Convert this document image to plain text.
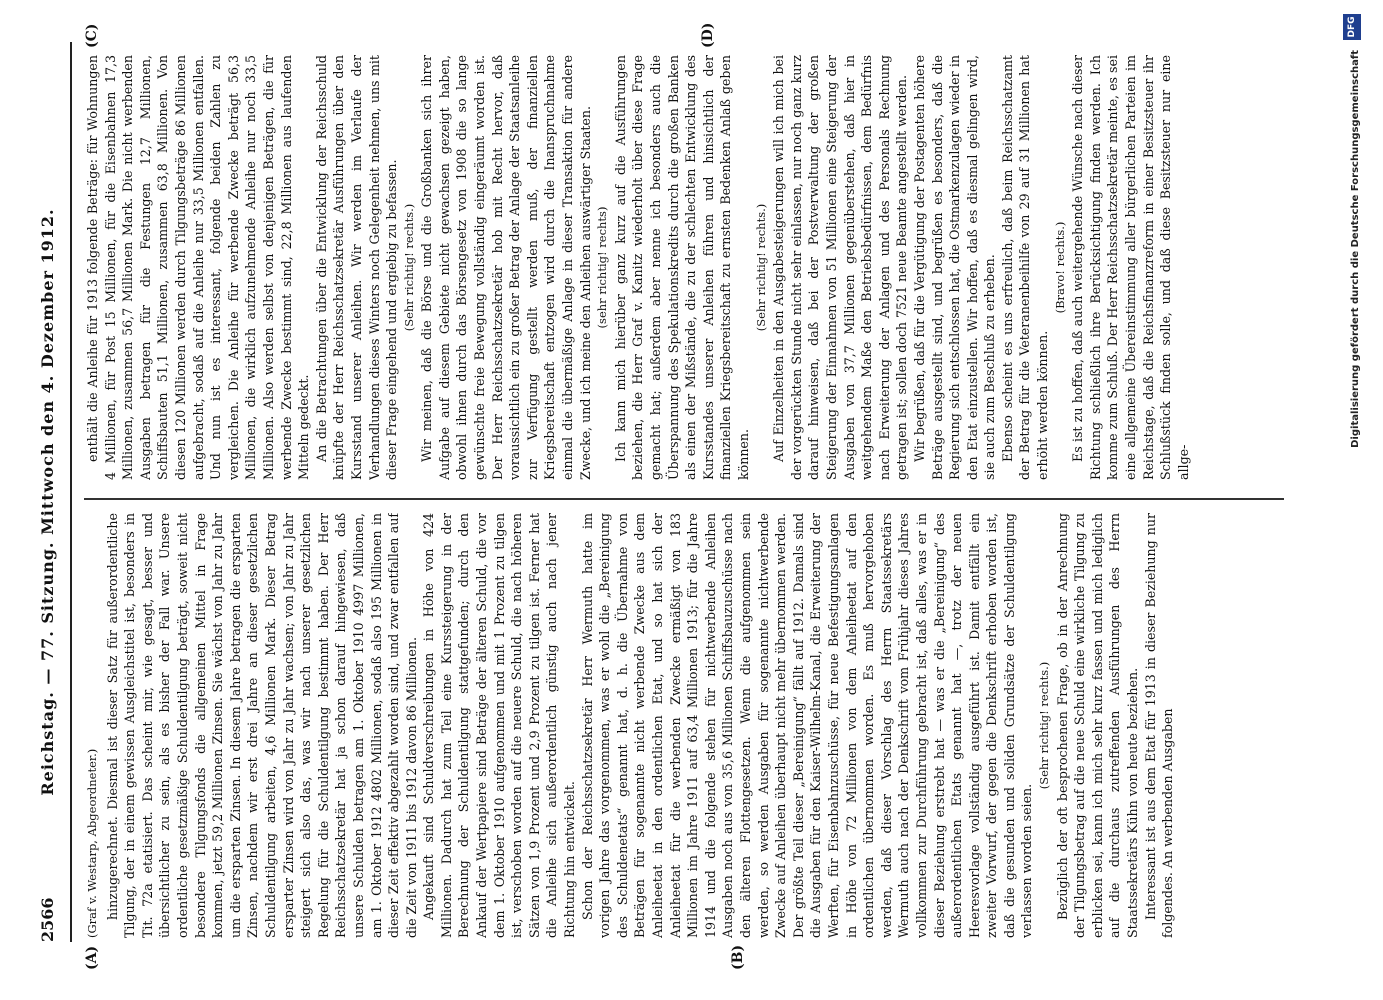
2566
Reichstag. — 77. Sitzung. Mittwoch den 4. Dezember 1912.
(A)	(B)
(C)	(D)

(Graf v. Westarp, Abgeordneter.) hinzugerechnet. Diesmal ist dieser Satz für außerordentliche Tilgung, der in einem gewissen Ausgleichstitel ist, besonders in Tit. 72a etatisiert. Das scheint mir, wie gesagt, besser und übersichtlicher zu sein, als es bisher der Fall war. Unsere ordentliche gesetzmäßige Schuldentilgung beträgt, soweit nicht besondere Tilgungsfonds die allgemeinen Mittel in Frage kommen, jetzt 59,2 Millionen Zinsen. Sie wächst von Jahr zu Jahr um die ersparten Zinsen. In diesem Jahre betragen die ersparten Zinsen, nachdem wir erst drei Jahre an dieser gesetzlichen Schuldentilgung arbeiten, 4,6 Millionen Mark. Dieser Betrag ersparter Zinsen wird von Jahr zu Jahr wachsen; von Jahr zu Jahr steigert sich also das, was wir nach unserer gesetzlichen Regelung für die Schuldentilgung bestimmt haben. Der Herr Reichsschatzsekretär hat ja schon darauf hingewiesen, daß unsere Schulden betragen am 1. Oktober 1910 4997 Millionen, am 1. Oktober 1912 4802 Millionen, sodaß also 195 Millionen in dieser Zeit effektiv abgezahlt worden sind, und zwar entfallen auf die Zeit von 1911 bis 1912 davon 86 Millionen. Angekauft sind Schuldverschreibungen in Höhe von 424 Millionen. Dadurch hat zum Teil eine Kurssteigerung in der Berechnung der Schuldentilgung stattgefunden; durch den Ankauf der Wertpapiere sind Beträge der älteren Schuld, die vor dem 1. Oktober 1910 aufgenommen und mit 1 Prozent zu tilgen ist, verschoben worden auf die neuere Schuld, die nach höheren Sätzen von 1,9 Prozent und 2,9 Prozent zu tilgen ist. Ferner hat die Anleihe sich außerordentlich günstig auch nach jener Richtung hin entwickelt. Schon der Reichsschatzsekretär Herr Wermuth hatte im vorigen Jahre das vorgenommen, was er wohl die „Bereinigung des Schuldenetats“ genannt hat, d. h. die Übernahme von Beträgen für sogenannte nicht werbende Zwecke aus dem Anleiheetat in den ordentlichen Etat, und so hat sich der Anleiheetat für die werbenden Zwecke ermäßigt von 183 Millionen im Jahre 1911 auf 63,4 Millionen 1913; für die Jahre 1914 und die folgende stehen für nichtwerbende Anleihen Ausgaben noch aus von 35,6 Millionen Schiffsbauzuschüsse nach den älteren Flottengesetzen. Wenn die aufgenommen sein werden, so werden Ausgaben für sogenannte nichtwerbende Zwecke auf Anleihen überhaupt nicht mehr übernommen werden. Der größte Teil dieser „Bereinigung“ fällt auf 1912. Damals sind die Ausgaben für den Kaiser-Wilhelm-Kanal, die Erweiterung der Werften, für Eisenbahnzuschüsse, für neue Befestigungsanlagen in Höhe von 72 Millionen von dem Anleiheetat auf den ordentlichen übernommen worden. Es muß hervorgehoben werden, daß dieser Vorschlag des Herrn Staatssekretärs Wermuth auch nach der Denkschrift vom Frühjahr dieses Jahres vollkommen zur Durchführung gebracht ist, daß alles, was er in dieser Beziehung erstrebt hat — was er die „Bereinigung“ des außerordentlichen Etats genannt hat —, trotz der neuen Heeresvorlage vollständig ausgeführt ist. Damit entfällt ein zweiter Vorwurf, der gegen die Denkschrift erhoben worden ist, daß die gesunden und soliden Grundsätze der Schuldentilgung verlassen worden seien.

(Sehr richtig! rechts.) Bezüglich der oft besprochenen Frage, ob in der Anrechnung der Tilgungsbetrag auf die neue Schuld eine wirkliche Tilgung zu erblicken sei, kann ich mich sehr kurz fassen und mich lediglich auf die durchaus zutreffenden Ausführungen des Herrn Staatssekretärs Kühn von heute beziehen. Interessant ist aus dem Etat für 1913 in dieser Beziehung nur folgendes. An werbenden Ausgaben

enthält die Anleihe für 1913 folgende Beträge: für Wohnungen 4 Millionen, für Post 15 Millionen, für die Eisenbahnen 17,3 Millionen, zusammen 56,7 Millionen Mark. Die nicht werbenden Ausgaben betragen für die Festungen 12,7 Millionen, Schiffsbauten 51,1 Millionen, zusammen 63,8 Millionen. Von diesen 120 Millionen werden durch Tilgungsbeträge 86 Millionen aufgebracht, sodaß auf die Anleihe nur 33,5 Millionen entfallen. Und nun ist es interessant, folgende beiden Zahlen zu vergleichen. Die Anleihe für werbende Zwecke beträgt 56,3 Millionen, die wirklich aufzunehmende Anleihe nur noch 33,5 Millionen. Also werden selbst von denjenigen Beträgen, die für werbende Zwecke bestimmt sind, 22,8 Millionen aus laufenden Mitteln gedeckt. An die Betrachtungen über die Entwicklung der Reichsschuld knüpfte der Herr Reichsschatzsekretär Ausführungen über den Kursstand unserer Anleihen. Wir werden im Verlaufe der Verhandlungen dieses Winters noch Gelegenheit nehmen, uns mit dieser Frage eingehend und ergiebig zu befassen. (Sehr richtig! rechts.) Wir meinen, daß die Börse und die Großbanken sich ihrer Aufgabe auf diesem Gebiete nicht gewachsen gezeigt haben, obwohl ihnen durch das Börsengesetz von 1908 die so lange gewünschte freie Bewegung vollständig eingeräumt worden ist. Der Herr Reichsschatzsekretär hob mit Recht hervor, daß voraussichtlich ein zu großer Betrag der Anlage der Staatsanleihe zur Verfügung gestellt werden muß, der finanziellen Kriegsbereitschaft entzogen wird durch die Inanspruchnahme einmal die übermäßige Anlage in dieser Transaktion für andere Zwecke, und ich meine den Anleihen auswärtiger Staaten. (sehr richtig! rechts) Ich kann mich hierüber ganz kurz auf die Ausführungen beziehen, die Herr Graf v. Kanitz wiederholt über diese Frage gemacht hat; außerdem aber nenne ich besonders auch die Überspannung des Spekulationskredits durch die großen Banken als einen der Mißstände, die zu der schlechten Entwicklung des Kursstandes unserer Anleihen führen und hinsichtlich der finanziellen Kriegsbereitschaft zu ernsten Bedenken Anlaß geben können.

(Sehr richtig! rechts.) Auf Einzelheiten in den Ausgabesteigerungen will ich mich bei der vorgerückten Stunde nicht sehr einlassen, nur noch ganz kurz darauf hinweisen, daß bei der Postverwaltung der großen Steigerung der Einnahmen von 51 Millionen eine Steigerung der Ausgaben von 37,7 Millionen gegenüberstehen, daß hier in weitgehendem Maße den Betriebsbedürfnissen, dem Bedürfnis nach Erweiterung der Anlagen und des Personals Rechnung getragen ist; sollen doch 7521 neue Beamte angestellt werden. Wir begrüßen, daß für die Vergütigung der Postagenten höhere Beträge ausgestellt sind, und begrüßen es besonders, daß die Regierung sich entschlossen hat, die Ostmarkenzulagen wieder in den Etat einzustellen. Wir hoffen, daß es diesmal gelingen wird, sie auch zum Beschluß zu erheben. Ebenso scheint es uns erfreulich, daß beim Reichsschatzamt der Betrag für die Veteranenbeihilfe von 29 auf 31 Millionen hat erhöht werden können.

(Bravo! rechts.) Es ist zu hoffen, daß auch weitergehende Wünsche nach dieser Richtung schließlich ihre Berücksichtigung finden werden. Ich komme zum Schluß. Der Herr Reichsschatzsekretär meinte, es sei eine allgemeine Übereinstimmung aller bürgerlichen Parteien im Reichstage, daß die Reichsfinanzreform in einer Besitzsteuer ihr Schlußstück finden solle, und daß diese Besitzsteuer nur eine allge-

Digitalisierung gefördert durch die Deutsche Forschungsgemeinschaft
DFG
